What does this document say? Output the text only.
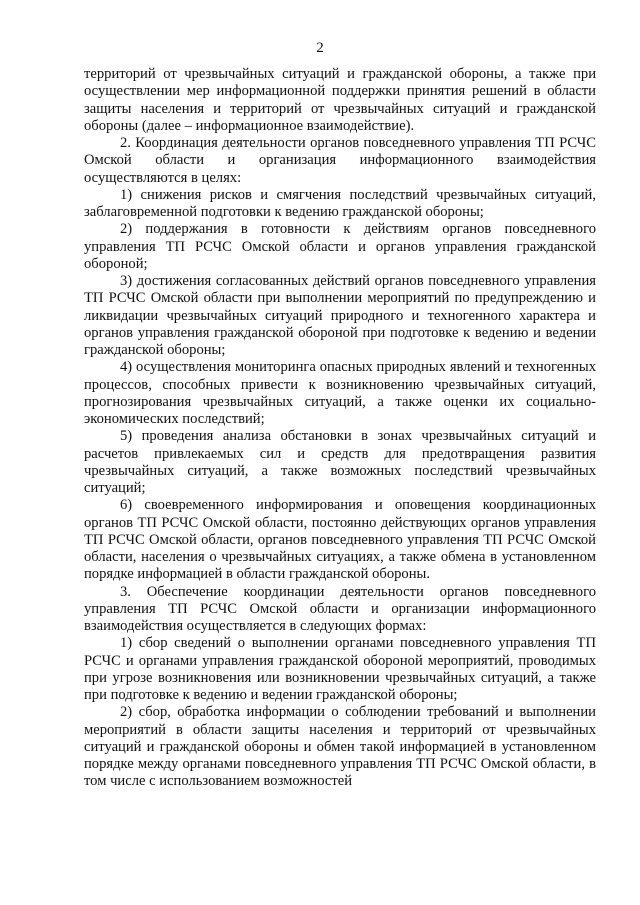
2

территорий от чрезвычайных ситуаций и гражданской обороны, а также при осуществлении мер информационной поддержки принятия решений в области защиты населения и территорий от чрезвычайных ситуаций и гражданской обороны (далее – информационное взаимодействие).

2. Координация деятельности органов повседневного управления ТП РСЧС Омской области и организация информационного взаимодействия осуществляются в целях:

1) снижения рисков и смягчения последствий чрезвычайных ситуаций, заблаговременной подготовки к ведению гражданской обороны;

2) поддержания в готовности к действиям органов повседневного управления ТП РСЧС Омской области и органов управления гражданской обороной;

3) достижения согласованных действий органов повседневного управления ТП РСЧС Омской области при выполнении мероприятий по предупреждению и ликвидации чрезвычайных ситуаций природного и техногенного характера и органов управления гражданской обороной при подготовке к ведению и ведении гражданской обороны;

4) осуществления мониторинга опасных природных явлений и техногенных процессов, способных привести к возникновению чрезвычайных ситуаций, прогнозирования чрезвычайных ситуаций, а также оценки их социально-экономических последствий;

5) проведения анализа обстановки в зонах чрезвычайных ситуаций и расчетов привлекаемых сил и средств для предотвращения развития чрезвычайных ситуаций, а также возможных последствий чрезвычайных ситуаций;

6) своевременного информирования и оповещения координационных органов ТП РСЧС Омской области, постоянно действующих органов управления ТП РСЧС Омской области, органов повседневного управления ТП РСЧС Омской области, населения о чрезвычайных ситуациях, а также обмена в установленном порядке информацией в области гражданской обороны.

3. Обеспечение координации деятельности органов повседневного управления ТП РСЧС Омской области и организации информационного взаимодействия осуществляется в следующих формах:

1) сбор сведений о выполнении органами повседневного управления ТП РСЧС и органами управления гражданской обороной мероприятий, проводимых при угрозе возникновения или возникновении чрезвычайных ситуаций, а также при подготовке к ведению и ведении гражданской обороны;

2) сбор, обработка информации о соблюдении требований и выполнении мероприятий в области защиты населения и территорий от чрезвычайных ситуаций и гражданской обороны и обмен такой информацией в установленном порядке между органами повседневного управления ТП РСЧС Омской области, в том числе с использованием возможностей
